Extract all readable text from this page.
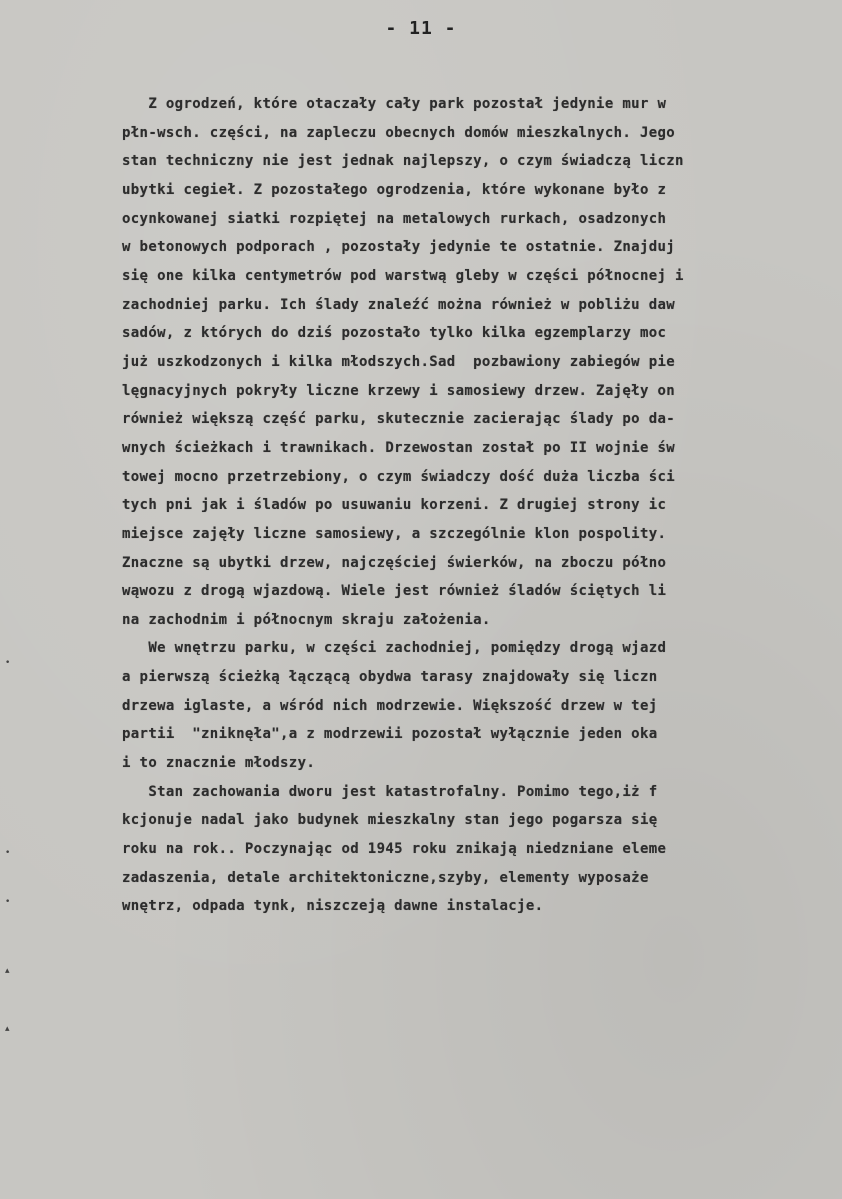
- 11 -
Z ogrodzeń, które otaczały cały park pozostał jedynie mur w
płn-wsch. części, na zapleczu obecnych domów mieszkalnych. Jego
stan techniczny nie jest jednak najlepszy, o czym świadczą liczn
ubytki cegieł. Z pozostałego ogrodzenia, które wykonane było z
ocynkowanej siatki rozpiętej na metalowych rurkach, osadzonych
w betonowych podporach , pozostały jedynie te ostatnie. Znajduj
się one kilka centymetrów pod warstwą gleby w części północnej i
zachodniej parku. Ich ślady znaleźć można również w pobliżu daw
sadów, z których do dziś pozostało tylko kilka egzemplarzy moc
już uszkodzonych i kilka młodszych.Sad  pozbawiony zabiegów pie
lęgnacyjnych pokryły liczne krzewy i samosiewy drzew. Zajęły on
również większą część parku, skutecznie zacierając ślady po da-
wnych ścieżkach i trawnikach. Drzewostan został po II wojnie św
towej mocno przetrzebiony, o czym świadczy dość duża liczba ści
tych pni jak i śladów po usuwaniu korzeni. Z drugiej strony ic
miejsce zajęły liczne samosiewy, a szczególnie klon pospolity.
Znaczne są ubytki drzew, najczęściej świerków, na zboczu półno
wąwozu z drogą wjazdową. Wiele jest również śladów ściętych li
na zachodnim i północnym skraju założenia.
We wnętrzu parku, w części zachodniej, pomiędzy drogą wjazd
a pierwszą ścieżką łączącą obydwa tarasy znajdowały się liczn
drzewa iglaste, a wśród nich modrzewie. Większość drzew w tej
partii  "zniknęła",a z modrzewii pozostał wyłącznie jeden oka
i to znacznie młodszy.
Stan zachowania dworu jest katastrofalny. Pomimo tego,iż f
kcjonuje nadal jako budynek mieszkalny stan jego pogarsza się
roku na rok.. Poczynając od 1945 roku znikają niedzniane eleme
zadaszenia, detale architektoniczne,szyby, elementy wyposaże
wnętrz, odpada tynk, niszczeją dawne instalacje.
•
•
•
▴
▴
